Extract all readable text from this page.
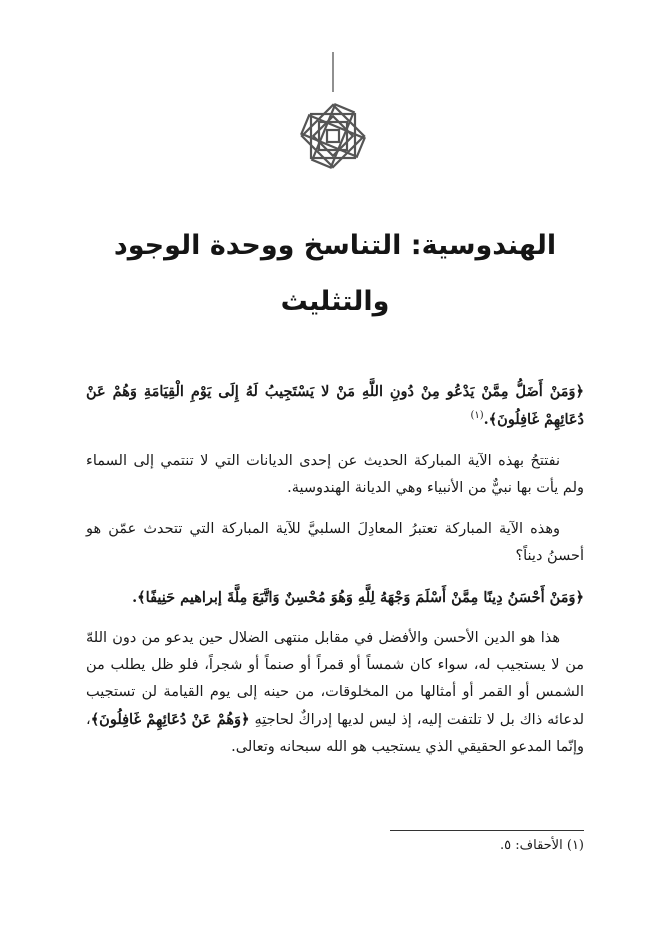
الهندوسية: التناسخ ووحدة الوجود والتثليث

﴿وَمَنْ أَضَلُّ مِمَّنْ يَدْعُو مِنْ دُونِ اللَّهِ مَنْ لا يَسْتَجِيبُ لَهُ إِلَى يَوْمِ الْقِيَامَةِ وَهُمْ عَنْ دُعَائِهِمْ غَافِلُونَ﴾.$^{(١)}$

نفتتحُ بهذه الآية المباركة الحديث عن إحدى الديانات التي لا تنتمي إلى السماء ولم يأت بها نبيٌّ من الأنبياء وهي الديانة الهندوسية.

وهذه الآية المباركة تعتبرُ المعادِلَ السلبيَّ للآية المباركة التي تتحدث عمّن هو أحسنُ ديناً؟

﴿وَمَنْ أَحْسَنُ دِينًا مِمَّنْ أَسْلَمَ وَجْهَهُ لِلَّهِ وَهُوَ مُحْسِنٌ وَاتَّبَعَ مِلَّةَ إبراهيم حَنِيفًا﴾.

هذا هو الدين الأحسن والأفضل في مقابل منتهى الضلال حين يدعو من دون اللهّ من لا يستجيب له، سواء كان شمساً أو قمراً أو صنماً أو شجراً، فلو ظل يطلب من الشمس أو القمر أو أمثالها من المخلوقات، من حينه إلى يوم القيامة لن تستجيب لدعائه ذاك بل لا تلتفت إليه، إذ ليس لديها إدراكٌ لحاجتِهِ ﴿وَهُمْ عَنْ دُعَائِهِمْ غَافِلُونَ﴾، وإنّما المدعو الحقيقي الذي يستجيب هو الله سبحانه وتعالى.

(١) الأحقاف: ٥.
